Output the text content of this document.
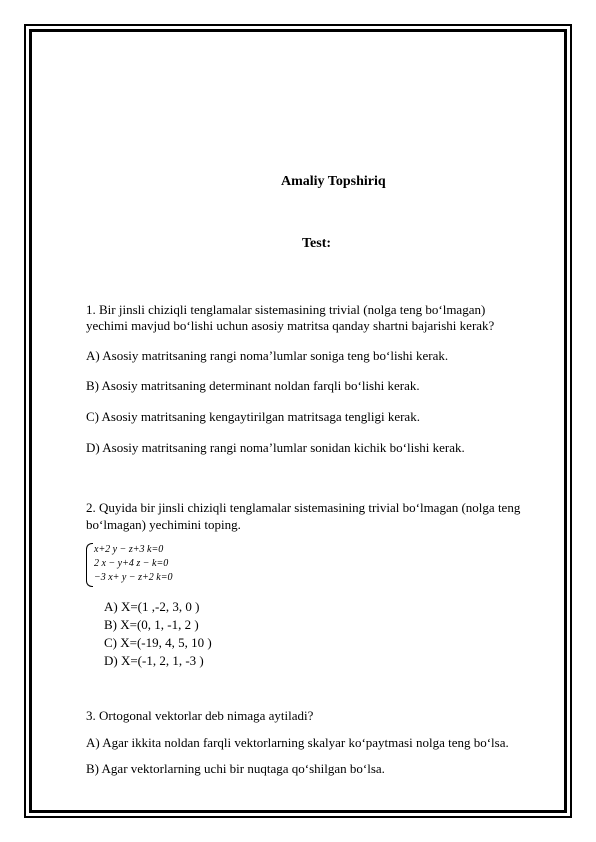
Amaliy Topshiriq
Test:
1. Bir jinsli chiziqli tenglamalar sistemasining trivial (nolga teng bo‘lmagan)
yechimi mavjud bo‘lishi uchun asosiy matritsa qanday shartni bajarishi kerak?
A) Asosiy matritsaning rangi noma’lumlar soniga teng bo‘lishi kerak.
B) Asosiy matritsaning determinant noldan farqli bo‘lishi kerak.
C) Asosiy matritsaning kengaytirilgan matritsaga tengligi kerak.
D) Asosiy matritsaning rangi noma’lumlar sonidan kichik bo‘lishi kerak.
2. Quyida bir jinsli chiziqli tenglamalar sistemasining trivial bo‘lmagan (nolga teng
bo‘lmagan) yechimini toping.
x+2 y − z+3 k=0
2 x − y+4 z − k=0
−3 x+ y − z+2 k=0
A) X=(1 ,-2, 3, 0 )
B) X=(0, 1, -1, 2 )
C) X=(-19, 4, 5, 10 )
D) X=(-1, 2, 1, -3 )
3. Ortogonal vektorlar deb nimaga aytiladi?
A) Agar ikkita noldan farqli vektorlarning skalyar ko‘paytmasi nolga teng bo‘lsa.
B) Agar vektorlarning uchi bir nuqtaga qo‘shilgan bo‘lsa.
